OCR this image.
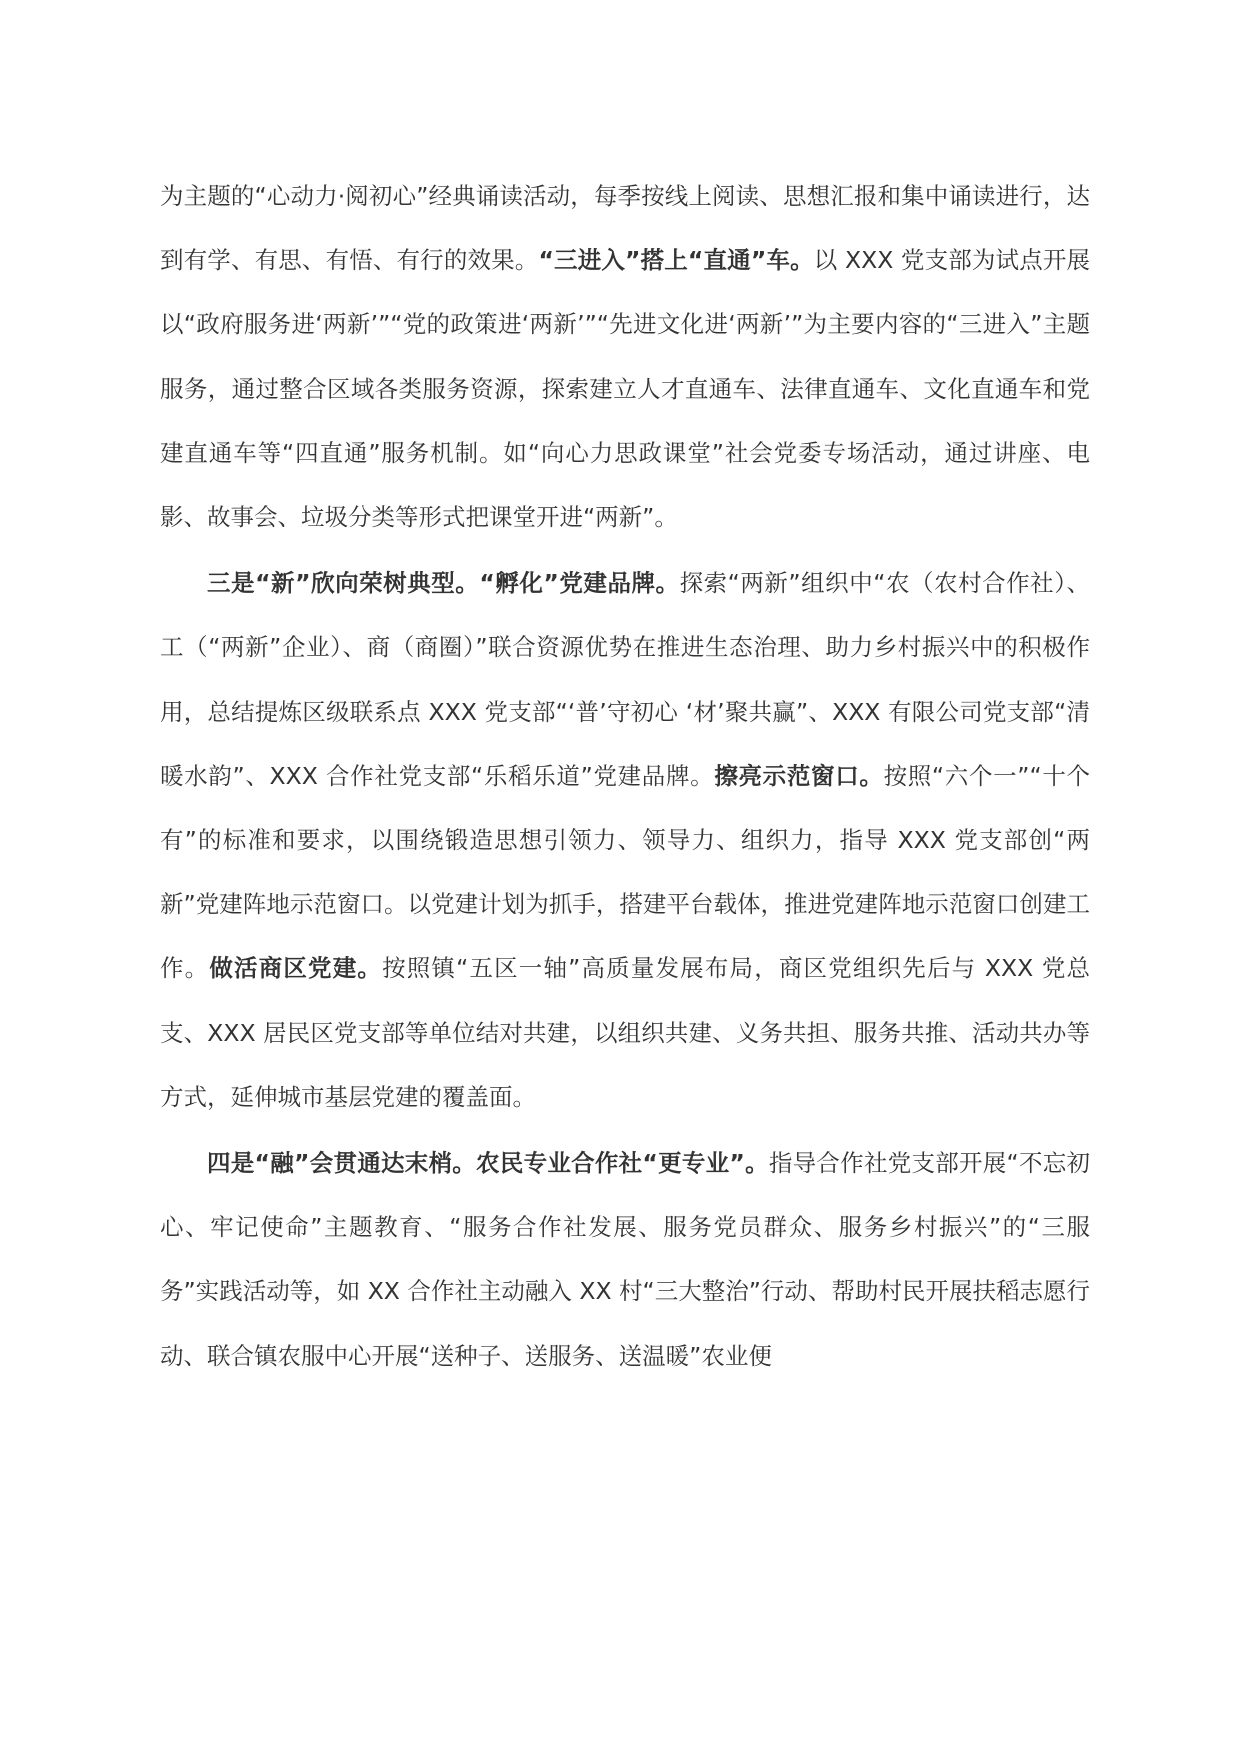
为主题的“心动力·阅初心”经典诵读活动，每季按线上阅读、思想汇报和集中诵读进行，达到有学、有思、有悟、有行的效果。“三进入”搭上“直通”车。以 XXX 党支部为试点开展以“政府服务进‘两新’”“党的政策进‘两新’”“先进文化进‘两新’”为主要内容的“三进入”主题服务，通过整合区域各类服务资源，探索建立人才直通车、法律直通车、文化直通车和党建直通车等“四直通”服务机制。如“向心力思政课堂”社会党委专场活动，通过讲座、电影、故事会、垃圾分类等形式把课堂开进“两新”。

三是“新”欣向荣树典型。“孵化”党建品牌。探索“两新”组织中“农（农村合作社）、工（“两新”企业）、商（商圈）”联合资源优势在推进生态治理、助力乡村振兴中的积极作用，总结提炼区级联系点 XXX 党支部“‘普’守初心 ‘材’聚共赢”、XXX 有限公司党支部“清暖水韵”、XXX 合作社党支部“乐稻乐道”党建品牌。擦亮示范窗口。按照“六个一”“十个有”的标准和要求，以围绕锻造思想引领力、领导力、组织力，指导 XXX 党支部创“两新”党建阵地示范窗口。以党建计划为抓手，搭建平台载体，推进党建阵地示范窗口创建工作。做活商区党建。按照镇“五区一轴”高质量发展布局，商区党组织先后与 XXX 党总支、XXX 居民区党支部等单位结对共建，以组织共建、义务共担、服务共推、活动共办等方式，延伸城市基层党建的覆盖面。

四是“融”会贯通达末梢。农民专业合作社“更专业”。指导合作社党支部开展“不忘初心、牢记使命”主题教育、“服务合作社发展、服务党员群众、服务乡村振兴”的“三服务”实践活动等，如 XX 合作社主动融入 XX 村“三大整治”行动、帮助村民开展扶稻志愿行动、联合镇农服中心开展“送种子、送服务、送温暖”农业便
